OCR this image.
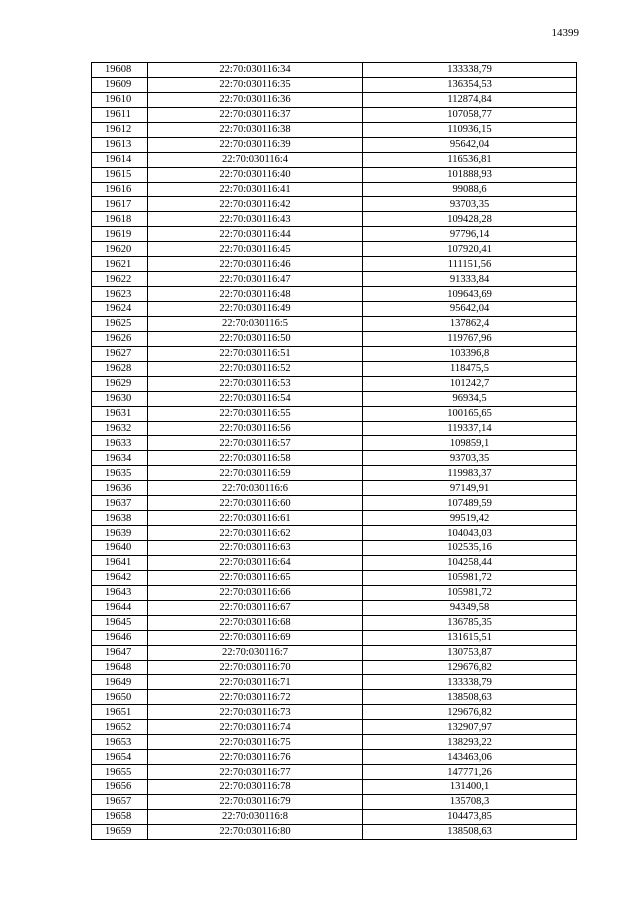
14399
19608	22:70:030116:34	133338,79
19609	22:70:030116:35	136354,53
19610	22:70:030116:36	112874,84
19611	22:70:030116:37	107058,77
19612	22:70:030116:38	110936,15
19613	22:70:030116:39	95642,04
19614	22:70:030116:4	116536,81
19615	22:70:030116:40	101888,93
19616	22:70:030116:41	99088,6
19617	22:70:030116:42	93703,35
19618	22:70:030116:43	109428,28
19619	22:70:030116:44	97796,14
19620	22:70:030116:45	107920,41
19621	22:70:030116:46	111151,56
19622	22:70:030116:47	91333,84
19623	22:70:030116:48	109643,69
19624	22:70:030116:49	95642,04
19625	22:70:030116:5	137862,4
19626	22:70:030116:50	119767,96
19627	22:70:030116:51	103396,8
19628	22:70:030116:52	118475,5
19629	22:70:030116:53	101242,7
19630	22:70:030116:54	96934,5
19631	22:70:030116:55	100165,65
19632	22:70:030116:56	119337,14
19633	22:70:030116:57	109859,1
19634	22:70:030116:58	93703,35
19635	22:70:030116:59	119983,37
19636	22:70:030116:6	97149,91
19637	22:70:030116:60	107489,59
19638	22:70:030116:61	99519,42
19639	22:70:030116:62	104043,03
19640	22:70:030116:63	102535,16
19641	22:70:030116:64	104258,44
19642	22:70:030116:65	105981,72
19643	22:70:030116:66	105981,72
19644	22:70:030116:67	94349,58
19645	22:70:030116:68	136785,35
19646	22:70:030116:69	131615,51
19647	22:70:030116:7	130753,87
19648	22:70:030116:70	129676,82
19649	22:70:030116:71	133338,79
19650	22:70:030116:72	138508,63
19651	22:70:030116:73	129676,82
19652	22:70:030116:74	132907,97
19653	22:70:030116:75	138293,22
19654	22:70:030116:76	143463,06
19655	22:70:030116:77	147771,26
19656	22:70:030116:78	131400,1
19657	22:70:030116:79	135708,3
19658	22:70:030116:8	104473,85
19659	22:70:030116:80	138508,63
